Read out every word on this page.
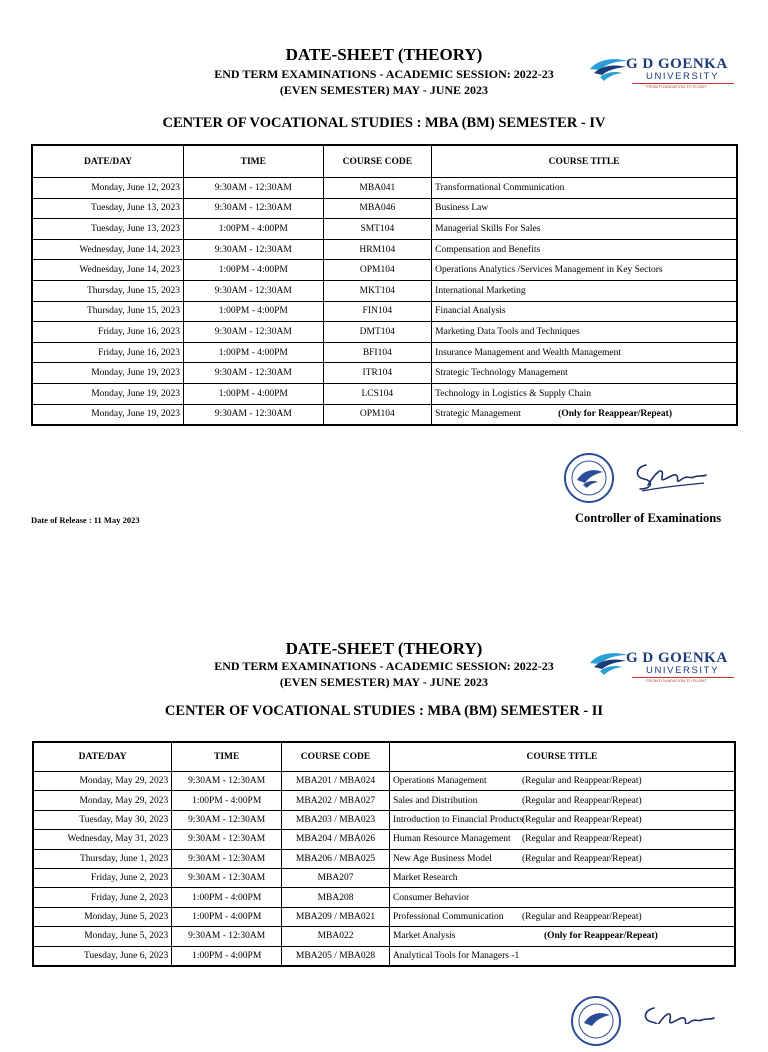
DATE-SHEET (THEORY)
END TERM EXAMINATIONS - ACADEMIC SESSION: 2022-23
(EVEN SEMESTER) MAY - JUNE 2023
G D GOENKA
UNIVERSITY
FROM FOUNDATION TO FLIGHT
CENTER OF VOCATIONAL STUDIES : MBA (BM) SEMESTER - IV
DATE/DAY	TIME	COURSE CODE	COURSE TITLE
Monday, June 12, 2023	9:30AM - 12:30AM	MBA041	Transformational Communication
Tuesday, June 13, 2023	9:30AM - 12:30AM	MBA046	Business Law
Tuesday, June 13, 2023	1:00PM - 4:00PM	SMT104	Managerial Skills For Sales
Wednesday, June 14, 2023	9:30AM - 12:30AM	HRM104	Compensation and Benefits
Wednesday, June 14, 2023	1:00PM - 4:00PM	OPM104	Operations Analytics /Services Management in Key Sectors
Thursday, June 15, 2023	9:30AM - 12:30AM	MKT104	International Marketing
Thursday, June 15, 2023	1:00PM - 4:00PM	FIN104	Financial Analysis
Friday, June 16, 2023	9:30AM - 12:30AM	DMT104	Marketing Data Tools and Techniques
Friday, June 16, 2023	1:00PM - 4:00PM	BFI104	Insurance Management and Wealth Management
Monday, June 19, 2023	9:30AM - 12:30AM	ITR104	Strategic Technology Management
Monday, June 19, 2023	1:00PM - 4:00PM	LCS104	Technology in Logistics & Supply Chain
Monday, June 19, 2023	9:30AM - 12:30AM	OPM104	Strategic Management (Only for Reappear/Repeat)
Date of Release : 11 May 2023	Controller of Examinations
DATE-SHEET (THEORY)
END TERM EXAMINATIONS - ACADEMIC SESSION: 2022-23
(EVEN SEMESTER) MAY - JUNE 2023
G D GOENKA
UNIVERSITY
FROM FOUNDATION TO FLIGHT
CENTER OF VOCATIONAL STUDIES : MBA (BM) SEMESTER - II
DATE/DAY	TIME	COURSE CODE	COURSE TITLE
Monday, May 29, 2023	9:30AM - 12:30AM	MBA201 / MBA024	Operations Management (Regular and Reappear/Repeat)

Monday, May 29, 2023	1:00PM - 4:00PM	MBA202 / MBA027	Sales and Distribution (Regular and Reappear/Repeat)

Tuesday, May 30, 2023	9:30AM - 12:30AM	MBA203 / MBA023	Introduction to Financial Products
(Regular and Reappear/Repeat)

Wednesday, May 31, 2023	9:30AM - 12:30AM	MBA204 / MBA026	Human Resource Management (Regular and Reappear/Repeat)

Thursday, June 1, 2023	9:30AM - 12:30AM	MBA206 / MBA025	New Age Business Model (Regular and Reappear/Repeat)

Friday, June 2, 2023	9:30AM - 12:30AM	MBA207	Market Research
Friday, June 2, 2023	1:00PM - 4:00PM	MBA208	Consumer Behavior
Monday, June 5, 2023	1:00PM - 4:00PM	MBA209 / MBA021	Professional Communication (Regular and Reappear/Repeat)

Monday, June 5, 2023	9:30AM - 12:30AM	MBA022	Market Analysis (Only for Reappear/Repeat)

Tuesday, June 6, 2023	1:00PM - 4:00PM	MBA205 / MBA028	Analytical Tools for Managers -1
